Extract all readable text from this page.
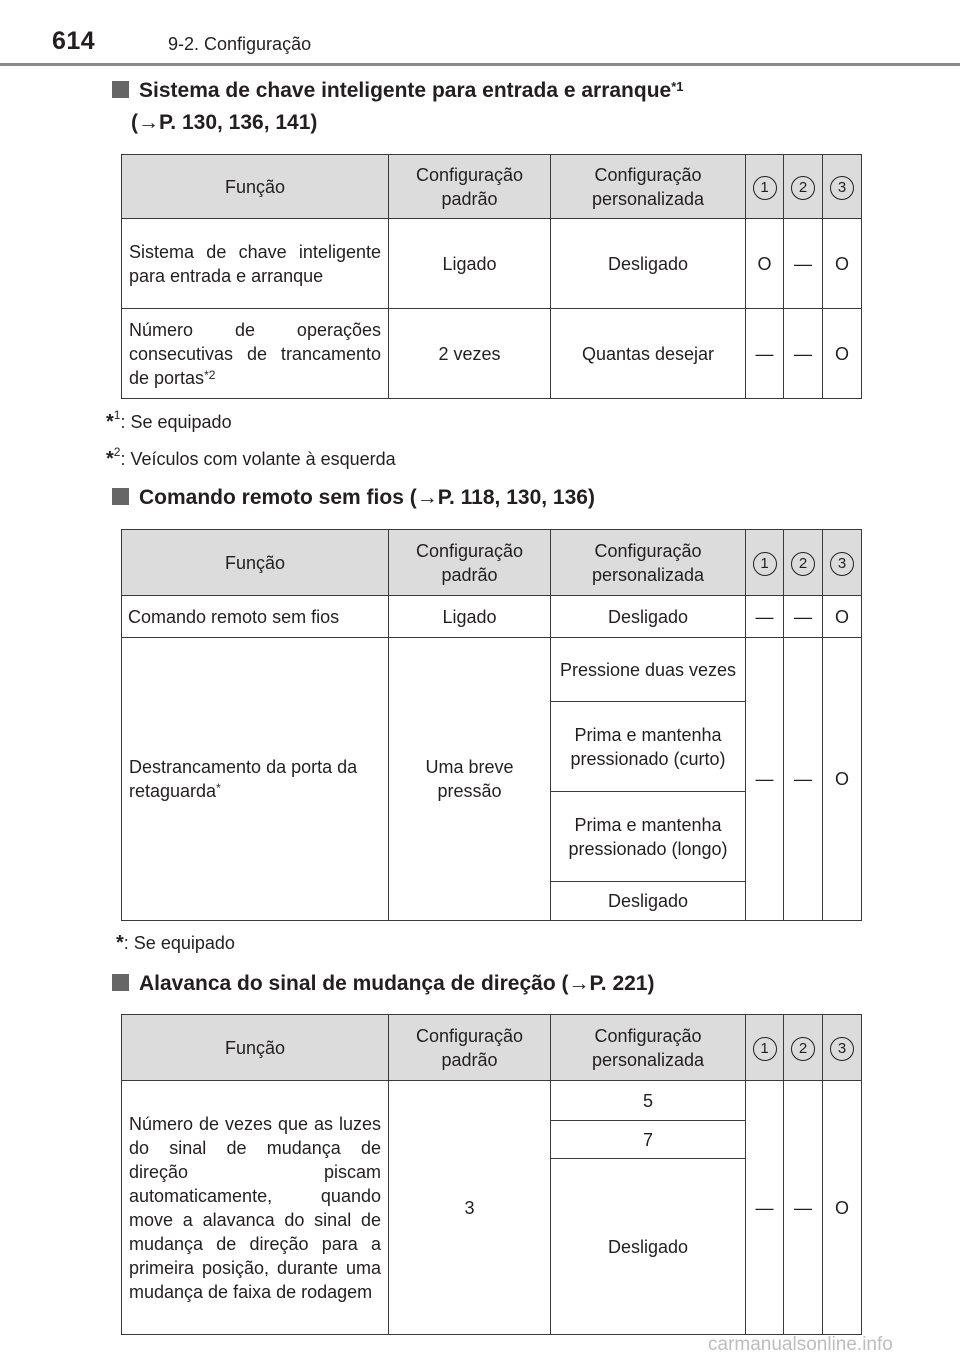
614	9-2. Configuração
Sistema de chave inteligente para entrada e arranque$^{*1}$
(→P. 130, 136, 141)
Função	Configuração padrão	Configuração personalizada	1	2	3
Sistema de chave inteligente para entrada e arranque	Ligado	Desligado	O	—	O
Número de operações consecutivas de trancamento de portas$^{*2}$	2 vezes	Quantas desejar	—	—	O
*$^1$: Se equipado
*$^2$: Veículos com volante à esquerda
Comando remoto sem fios (→P. 118, 130, 136)
Função	Configuração padrão	Configuração personalizada	1	2	3
Comando remoto sem fios	Ligado	Desligado	—	—	O
Destrancamento da porta da retaguarda*	Uma breve pressão	Pressione duas vezes	—	—	O
		Prima e mantenha pressionado (curto)			
		Prima e mantenha pressionado (longo)			
		Desligado			
*: Se equipado
Alavanca do sinal de mudança de direção (→P. 221)
Função	Configuração padrão	Configuração personalizada	1	2	3
Número de vezes que as luzes do sinal de mudança de direção piscam automaticamente, quando move a alavanca do sinal de mudança de direção para a primeira posição, durante uma mudança de faixa de rodagem	3	5	—	—	O
		7			
		Desligado			
carmanualsonline.info
